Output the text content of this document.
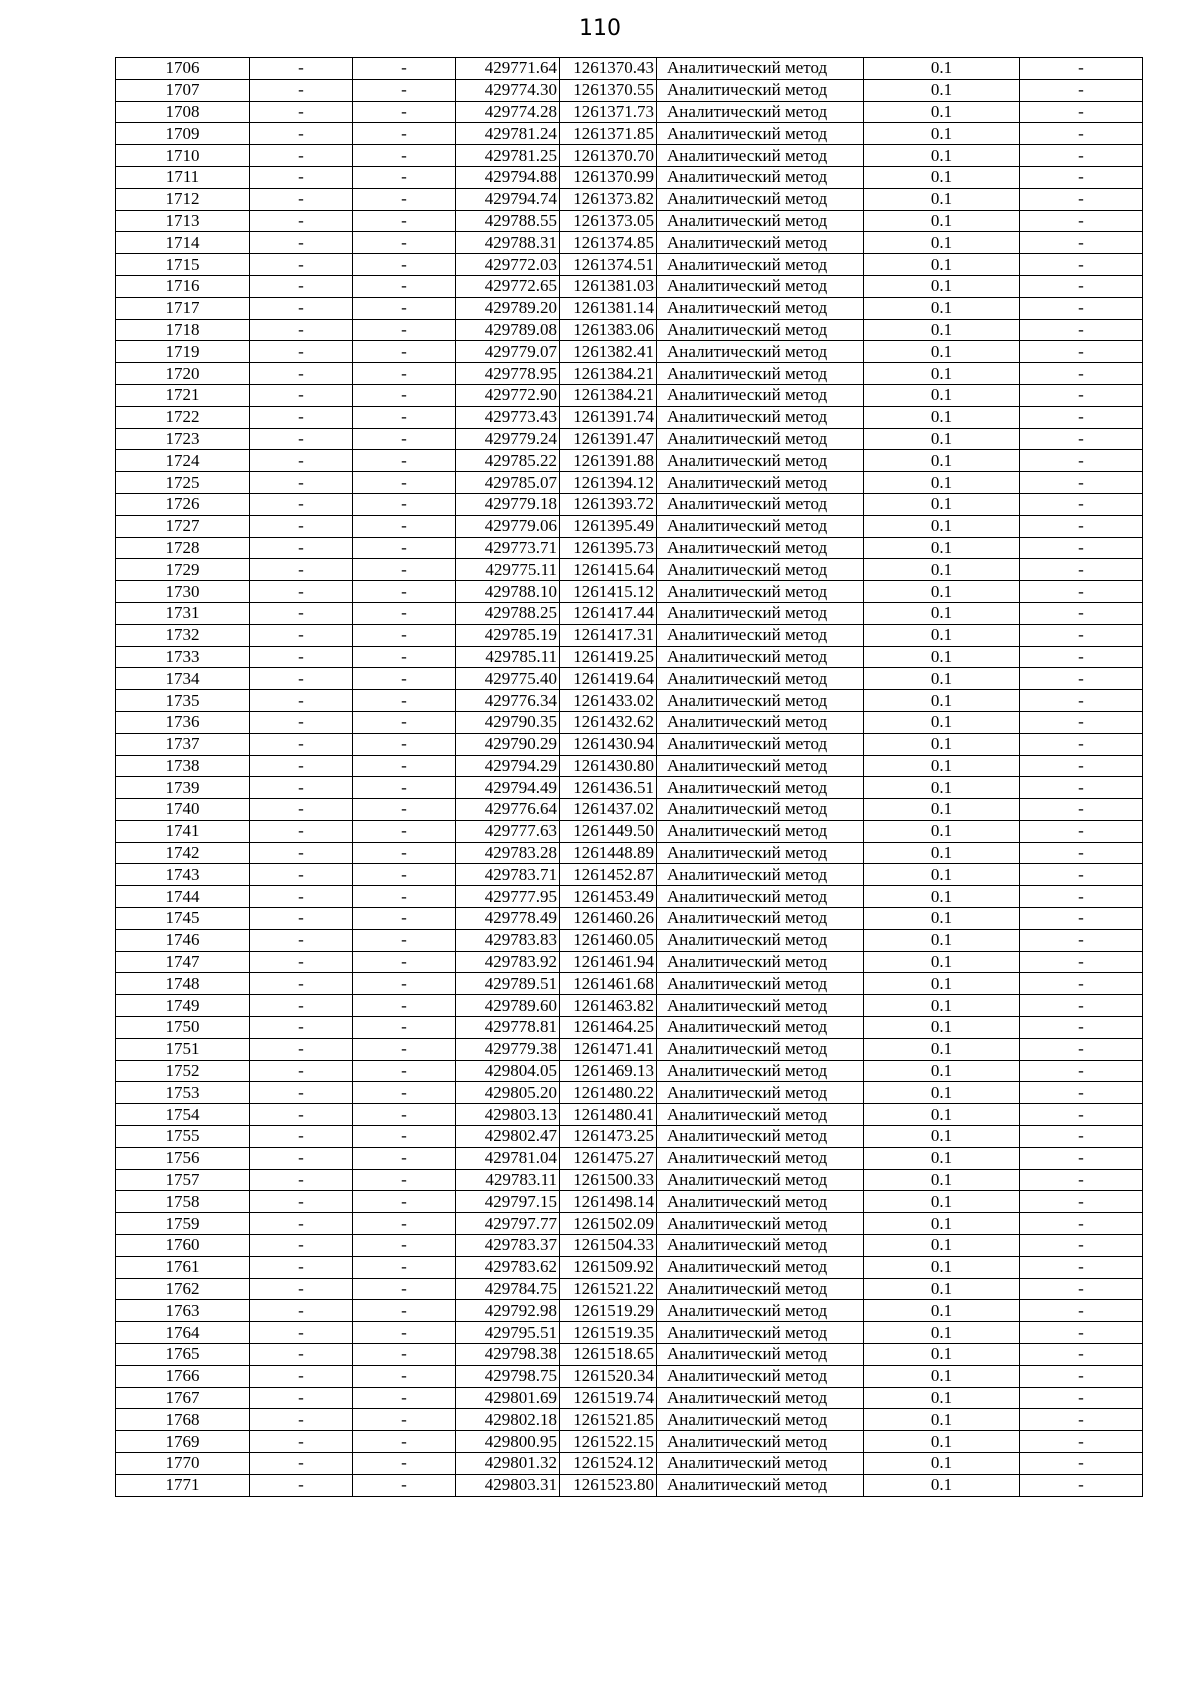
110
1706	-	-	429771.64	1261370.43	Аналитический метод	0.1	-
1707	-	-	429774.30	1261370.55	Аналитический метод	0.1	-
1708	-	-	429774.28	1261371.73	Аналитический метод	0.1	-
1709	-	-	429781.24	1261371.85	Аналитический метод	0.1	-
1710	-	-	429781.25	1261370.70	Аналитический метод	0.1	-
1711	-	-	429794.88	1261370.99	Аналитический метод	0.1	-
1712	-	-	429794.74	1261373.82	Аналитический метод	0.1	-
1713	-	-	429788.55	1261373.05	Аналитический метод	0.1	-
1714	-	-	429788.31	1261374.85	Аналитический метод	0.1	-
1715	-	-	429772.03	1261374.51	Аналитический метод	0.1	-
1716	-	-	429772.65	1261381.03	Аналитический метод	0.1	-
1717	-	-	429789.20	1261381.14	Аналитический метод	0.1	-
1718	-	-	429789.08	1261383.06	Аналитический метод	0.1	-
1719	-	-	429779.07	1261382.41	Аналитический метод	0.1	-
1720	-	-	429778.95	1261384.21	Аналитический метод	0.1	-
1721	-	-	429772.90	1261384.21	Аналитический метод	0.1	-
1722	-	-	429773.43	1261391.74	Аналитический метод	0.1	-
1723	-	-	429779.24	1261391.47	Аналитический метод	0.1	-
1724	-	-	429785.22	1261391.88	Аналитический метод	0.1	-
1725	-	-	429785.07	1261394.12	Аналитический метод	0.1	-
1726	-	-	429779.18	1261393.72	Аналитический метод	0.1	-
1727	-	-	429779.06	1261395.49	Аналитический метод	0.1	-
1728	-	-	429773.71	1261395.73	Аналитический метод	0.1	-
1729	-	-	429775.11	1261415.64	Аналитический метод	0.1	-
1730	-	-	429788.10	1261415.12	Аналитический метод	0.1	-
1731	-	-	429788.25	1261417.44	Аналитический метод	0.1	-
1732	-	-	429785.19	1261417.31	Аналитический метод	0.1	-
1733	-	-	429785.11	1261419.25	Аналитический метод	0.1	-
1734	-	-	429775.40	1261419.64	Аналитический метод	0.1	-
1735	-	-	429776.34	1261433.02	Аналитический метод	0.1	-
1736	-	-	429790.35	1261432.62	Аналитический метод	0.1	-
1737	-	-	429790.29	1261430.94	Аналитический метод	0.1	-
1738	-	-	429794.29	1261430.80	Аналитический метод	0.1	-
1739	-	-	429794.49	1261436.51	Аналитический метод	0.1	-
1740	-	-	429776.64	1261437.02	Аналитический метод	0.1	-
1741	-	-	429777.63	1261449.50	Аналитический метод	0.1	-
1742	-	-	429783.28	1261448.89	Аналитический метод	0.1	-
1743	-	-	429783.71	1261452.87	Аналитический метод	0.1	-
1744	-	-	429777.95	1261453.49	Аналитический метод	0.1	-
1745	-	-	429778.49	1261460.26	Аналитический метод	0.1	-
1746	-	-	429783.83	1261460.05	Аналитический метод	0.1	-
1747	-	-	429783.92	1261461.94	Аналитический метод	0.1	-
1748	-	-	429789.51	1261461.68	Аналитический метод	0.1	-
1749	-	-	429789.60	1261463.82	Аналитический метод	0.1	-
1750	-	-	429778.81	1261464.25	Аналитический метод	0.1	-
1751	-	-	429779.38	1261471.41	Аналитический метод	0.1	-
1752	-	-	429804.05	1261469.13	Аналитический метод	0.1	-
1753	-	-	429805.20	1261480.22	Аналитический метод	0.1	-
1754	-	-	429803.13	1261480.41	Аналитический метод	0.1	-
1755	-	-	429802.47	1261473.25	Аналитический метод	0.1	-
1756	-	-	429781.04	1261475.27	Аналитический метод	0.1	-
1757	-	-	429783.11	1261500.33	Аналитический метод	0.1	-
1758	-	-	429797.15	1261498.14	Аналитический метод	0.1	-
1759	-	-	429797.77	1261502.09	Аналитический метод	0.1	-
1760	-	-	429783.37	1261504.33	Аналитический метод	0.1	-
1761	-	-	429783.62	1261509.92	Аналитический метод	0.1	-
1762	-	-	429784.75	1261521.22	Аналитический метод	0.1	-
1763	-	-	429792.98	1261519.29	Аналитический метод	0.1	-
1764	-	-	429795.51	1261519.35	Аналитический метод	0.1	-
1765	-	-	429798.38	1261518.65	Аналитический метод	0.1	-
1766	-	-	429798.75	1261520.34	Аналитический метод	0.1	-
1767	-	-	429801.69	1261519.74	Аналитический метод	0.1	-
1768	-	-	429802.18	1261521.85	Аналитический метод	0.1	-
1769	-	-	429800.95	1261522.15	Аналитический метод	0.1	-
1770	-	-	429801.32	1261524.12	Аналитический метод	0.1	-
1771	-	-	429803.31	1261523.80	Аналитический метод	0.1	-
